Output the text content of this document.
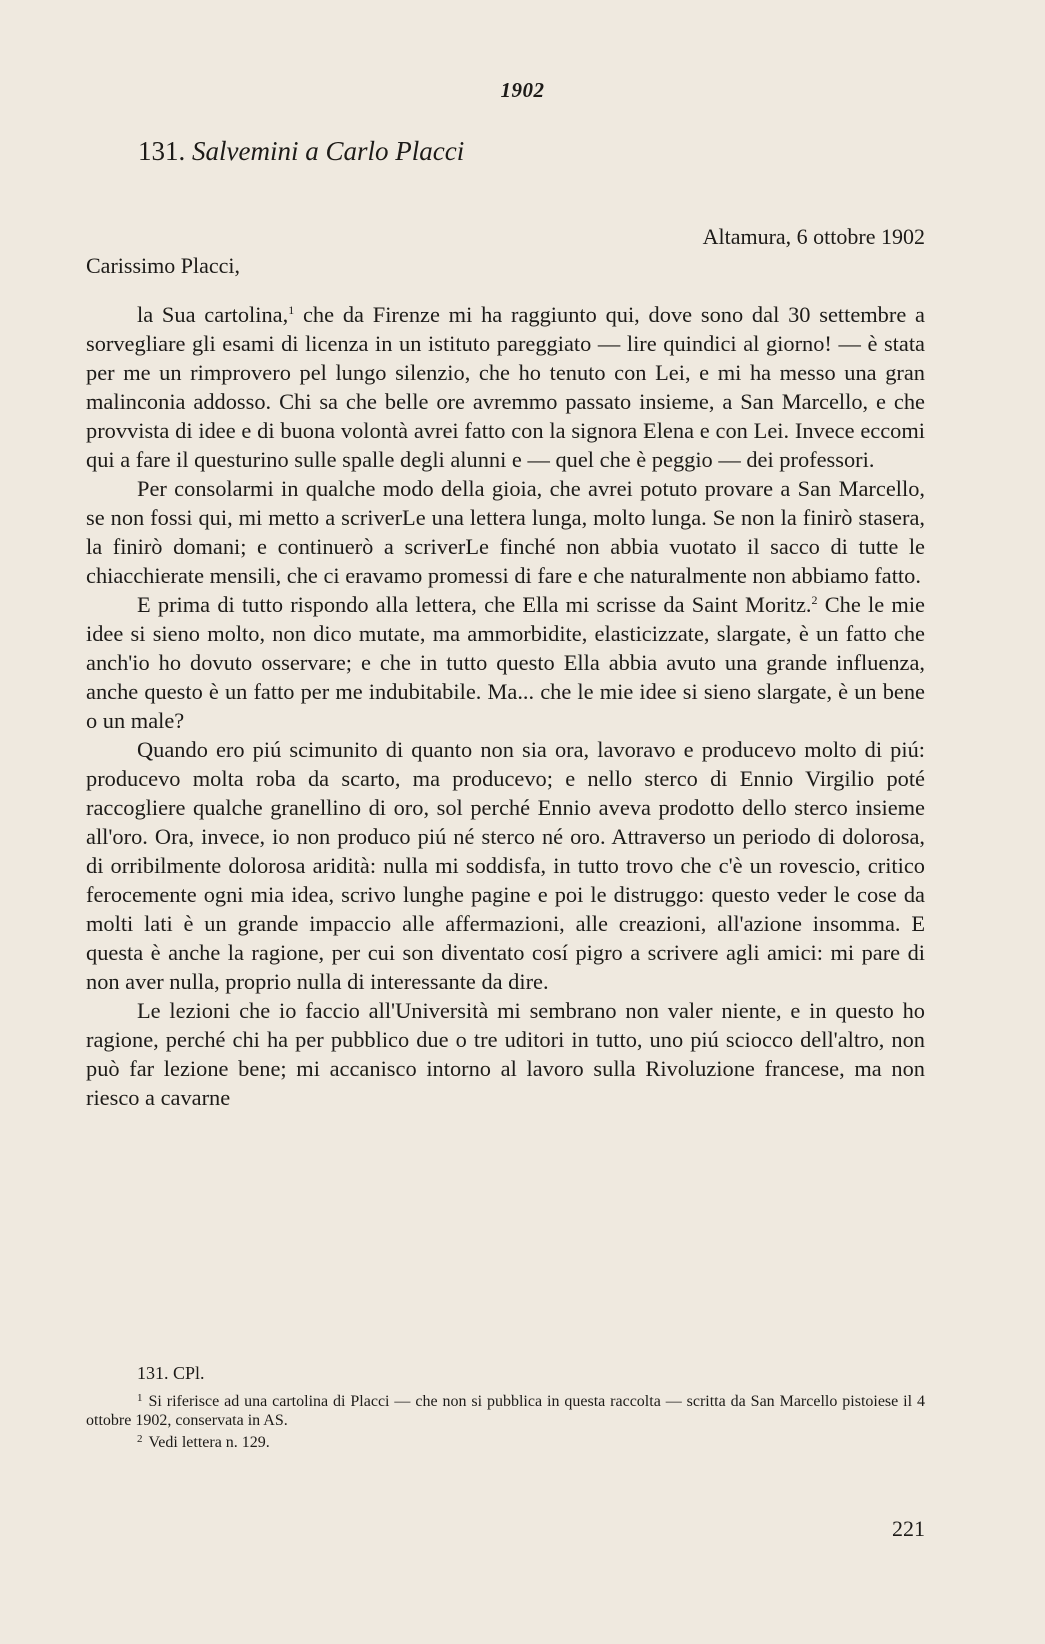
1902
131. Salvemini a Carlo Placci
Altamura, 6 ottobre 1902
Carissimo Placci,

la Sua cartolina,$^1$ che da Firenze mi ha raggiunto qui, dove sono dal 30 settembre a sorvegliare gli esami di licenza in un istituto pareggiato — lire quindici al giorno! — è stata per me un rimprovero pel lungo silenzio, che ho tenuto con Lei, e mi ha messo una gran malinconia addosso. Chi sa che belle ore avremmo passato insieme, a San Marcello, e che provvista di idee e di buona volontà avrei fatto con la signora Elena e con Lei. Invece eccomi qui a fare il questurino sulle spalle degli alunni e — quel che è peggio — dei professori.

Per consolarmi in qualche modo della gioia, che avrei potuto provare a San Marcello, se non fossi qui, mi metto a scriverLe una lettera lunga, molto lunga. Se non la finirò stasera, la finirò domani; e continuerò a scriverLe finché non abbia vuotato il sacco di tutte le chiacchierate mensili, che ci eravamo promessi di fare e che naturalmente non abbiamo fatto.

E prima di tutto rispondo alla lettera, che Ella mi scrisse da Saint Moritz.$^2$ Che le mie idee si sieno molto, non dico mutate, ma ammorbidite, elasticizzate, slargate, è un fatto che anch'io ho dovuto osservare; e che in tutto questo Ella abbia avuto una grande influenza, anche questo è un fatto per me indubitabile. Ma... che le mie idee si sieno slargate, è un bene o un male?

Quando ero piú scimunito di quanto non sia ora, lavoravo e producevo molto di piú: producevo molta roba da scarto, ma producevo; e nello sterco di Ennio Virgilio poté raccogliere qualche granellino di oro, sol perché Ennio aveva prodotto dello sterco insieme all'oro. Ora, invece, io non produco piú né sterco né oro. Attraverso un periodo di dolorosa, di orribilmente dolorosa aridità: nulla mi soddisfa, in tutto trovo che c'è un rovescio, critico ferocemente ogni mia idea, scrivo lunghe pagine e poi le distruggo: questo veder le cose da molti lati è un grande impaccio alle affermazioni, alle creazioni, all'azione insomma. E questa è anche la ragione, per cui son diventato cosí pigro a scrivere agli amici: mi pare di non aver nulla, proprio nulla di interessante da dire.

Le lezioni che io faccio all'Università mi sembrano non valer niente, e in questo ho ragione, perché chi ha per pubblico due o tre uditori in tutto, uno piú sciocco dell'altro, non può far lezione bene; mi accanisco intorno al lavoro sulla Rivoluzione francese, ma non riesco a cavarne

131. CPl.

$^1$ Si riferisce ad una cartolina di Placci — che non si pubblica in questa raccolta — scritta da San Marcello pistoiese il 4 ottobre 1902, conservata in AS.

$^2$ Vedi lettera n. 129.

221
